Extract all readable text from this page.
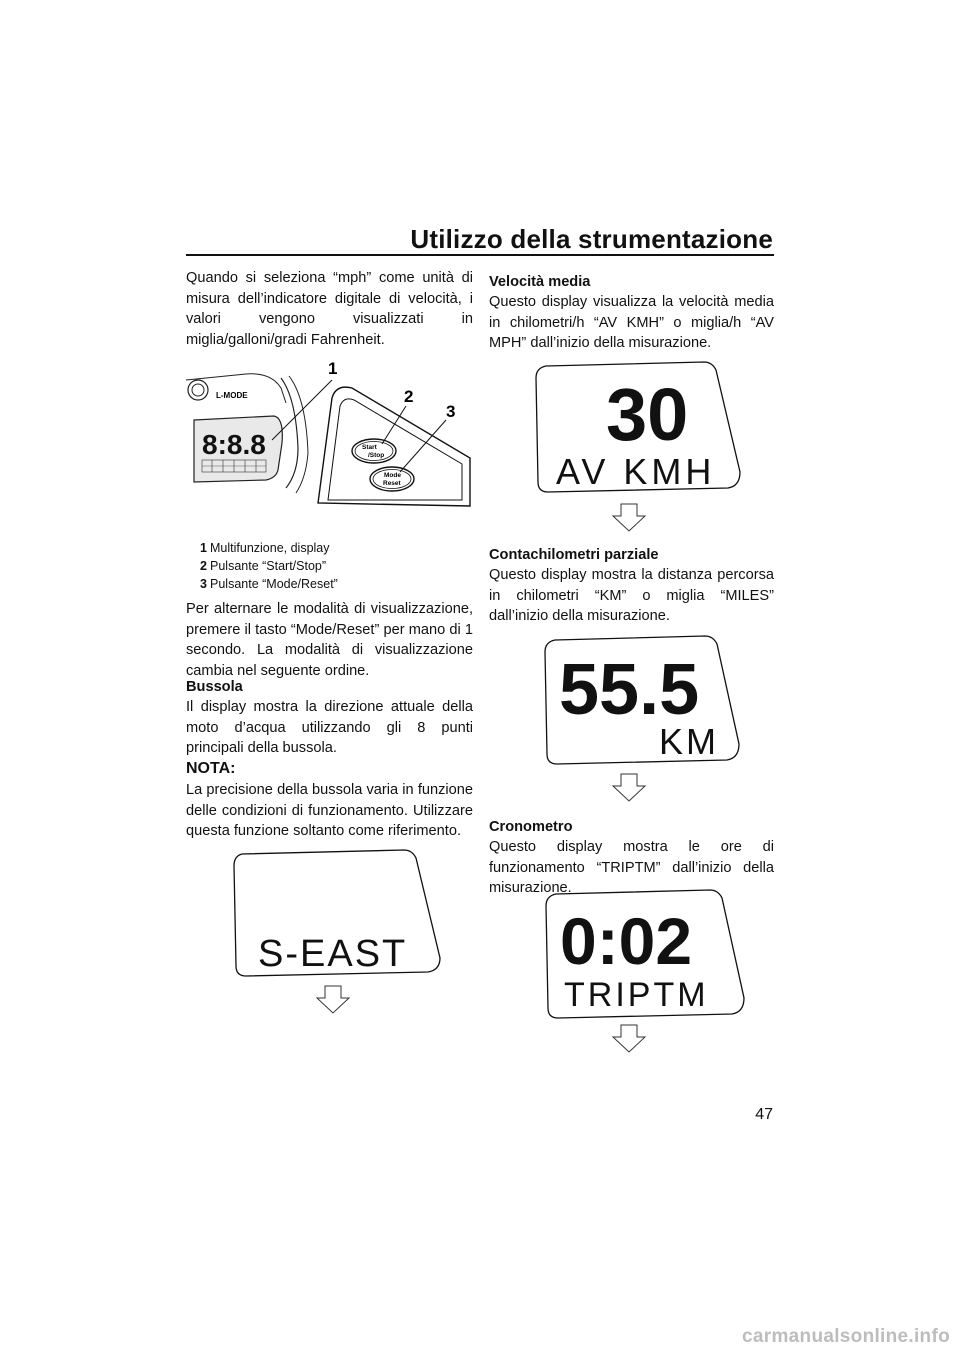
Utilizzo della strumentazione
Quando si seleziona “mph” come unità di misura dell’indicatore digitale di velocità, i valori vengono visualizzati in miglia/galloni/gradi Fahrenheit.
L-MODE
8:8.8	Start
/Stop
Mode
Reset
1
2
3
1 Multifunzione, display
2 Pulsante “Start/Stop”
3 Pulsante “Mode/Reset”
Per alternare le modalità di visualizzazione, premere il tasto “Mode/Reset” per mano di 1 secondo. La modalità di visualizzazione cambia nel seguente ordine.
Bussola
Il display mostra la direzione attuale della moto d’acqua utilizzando gli 8 punti principali della bussola.
NOTA:
La precisione della bussola varia in funzione delle condizioni di funzionamento. Utilizzare questa funzione soltanto come riferimento.
S-EAST
Velocità media
Questo display visualizza la velocità media in chilometri/h “AV KMH” o miglia/h “AV MPH” dall’inizio della misurazione.
30
AV KMH
Contachilometri parziale
Questo display mostra la distanza percorsa in chilometri “KM” o miglia “MILES” dall’inizio della misurazione.
55.5
KM
Cronometro
Questo display mostra le ore di funzionamento “TRIPTM” dall’inizio della misurazione.
0:02
TRIPTM
47
carmanualsonline.info
